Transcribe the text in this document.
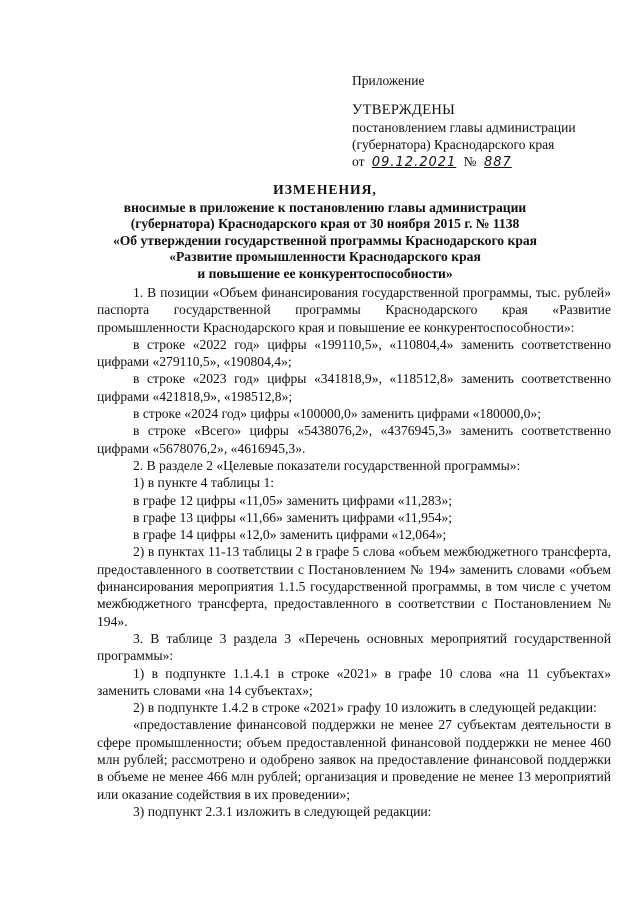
Приложение

УТВЕРЖДЕНЫ

постановлением главы администрации

(губернатора) Краснодарского края

от 09.12.2021 № 887

ИЗМЕНЕНИЯ,
вносимые в приложение к постановлению главы администрации
(губернатора) Краснодарского края от 30 ноября 2015 г. № 1138
«Об утверждении государственной программы Краснодарского края
«Развитие промышленности Краснодарского края
и повышение ее конкурентоспособности»

1. В позиции «Объем финансирования государственной программы, тыс. рублей» паспорта государственной программы Краснодарского края «Развитие промышленности Краснодарского края и повышение ее конкурентоспособности»:

в строке «2022 год» цифры «199110,5», «110804,4» заменить соответственно цифрами «279110,5», «190804,4»;

в строке «2023 год» цифры «341818,9», «118512,8» заменить соответственно цифрами «421818,9», «198512,8»;

в строке «2024 год» цифры «100000,0» заменить цифрами «180000,0»;

в строке «Всего» цифры «5438076,2», «4376945,3» заменить соответственно цифрами «5678076,2», «4616945,3».

2. В разделе 2 «Целевые показатели государственной программы»:

1) в пункте 4 таблицы 1:

в графе 12 цифры «11,05» заменить цифрами «11,283»;

в графе 13 цифры «11,66» заменить цифрами «11,954»;

в графе 14 цифры «12,0» заменить цифрами «12,064»;

2) в пунктах 11-13 таблицы 2 в графе 5 слова «объем межбюджетного трансферта, предоставленного в соответствии с Постановлением № 194» заменить словами «объем финансирования мероприятия 1.1.5 государственной программы, в том числе с учетом межбюджетного трансферта, предоставленного в соответствии с Постановлением № 194».

3. В таблице 3 раздела 3 «Перечень основных мероприятий государственной программы»:

1) в подпункте 1.1.4.1 в строке «2021» в графе 10 слова «на 11 субъектах» заменить словами «на 14 субъектах»;

2) в подпункте 1.4.2 в строке «2021» графу 10 изложить в следующей редакции:

«предоставление финансовой поддержки не менее 27 субъектам деятельности в сфере промышленности; объем предоставленной финансовой поддержки не менее 460 млн рублей; рассмотрено и одобрено заявок на предоставление финансовой поддержки в объеме не менее 466 млн рублей; организация и проведение не менее 13 мероприятий или оказание содействия в их проведении»;

3) подпункт 2.3.1 изложить в следующей редакции:
